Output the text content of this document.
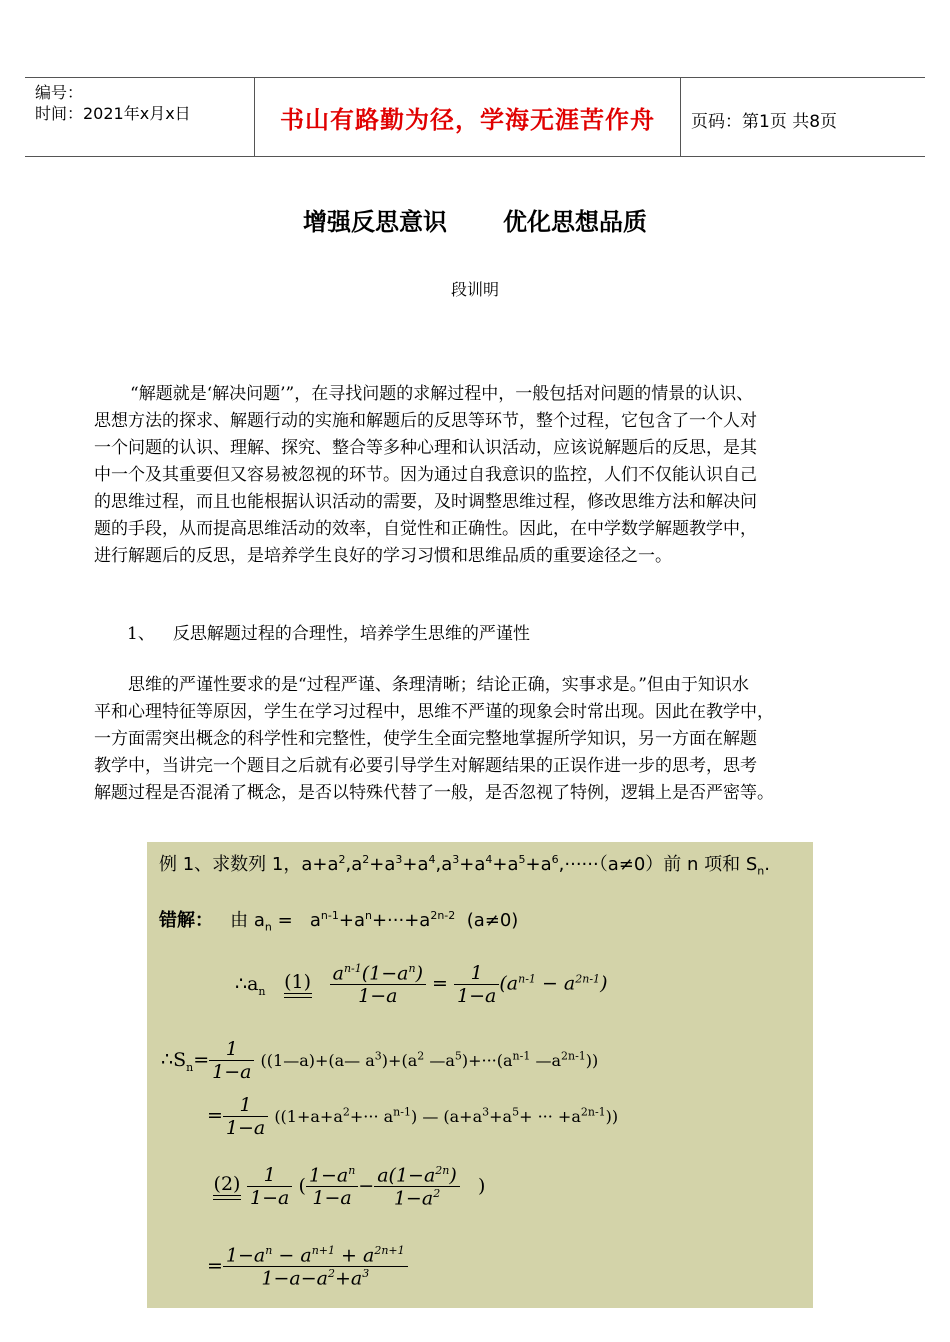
编号：
时间：2021年x月x日	书山有路勤为径，学海无涯苦作舟	页码：第1页 共8页
增强反思意识 优化思想品质
段训明

“解题就是‘解决问题’”，在寻找问题的求解过程中，一般包括对问题的情景的认识、
思想方法的探求、解题行动的实施和解题后的反思等环节，整个过程，它包含了一个人对
一个问题的认识、理解、探究、整合等多种心理和认识活动，应该说解题后的反思，是其
中一个及其重要但又容易被忽视的环节。因为通过自我意识的监控，人们不仅能认识自己
的思维过程，而且也能根据认识活动的需要，及时调整思维过程，修改思维方法和解决问
题的手段，从而提高思维活动的效率，自觉性和正确性。因此，在中学数学解题教学中，
进行解题后的反思，是培养学生良好的学习习惯和思维品质的重要途径之一。

1、 反思解题过程的合理性，培养学生思维的严谨性

思维的严谨性要求的是“过程严谨、条理清晰；结论正确，实事求是。”但由于知识水
平和心理特征等原因，学生在学习过程中，思维不严谨的现象会时常出现。因此在教学中，
一方面需突出概念的科学性和完整性，使学生全面完整地掌握所学知识，另一方面在解题
教学中，当讲完一个题目之后就有必要引导学生对解题结果的正误作进一步的思考，思考
解题过程是否混淆了概念，是否以特殊代替了一般，是否忽视了特例，逻辑上是否严密等。

例 1、求数列 1，$a+a^2,a^2+a^3+a^4,a^3+a^4+a^5+a^6,\cdot\cdot\cdot\cdot\cdot\cdot(a\ne 0)$前 n 项和 $S_n$.
错解：   由 $a_n = a^{n-1}+a^n+\cdot\cdot\cdot+a^{2n-2}$  (a≠0)
$\therefore a_n$ (1)

$\frac{a^{n-1}(1-a^n)}{1-a} = \frac{1}{1-a} (a^{n-1} - a^{2n-1})$
$\therefore S_n= \frac{1}{1-a}$ ((1—a)+(a— $a^3)+(a^2$ $—a^5)+\cdot\cdot\cdot(a^{n-1}$ $—a^{2n-1}$))
= $\frac{1}{1-a} ((1+a+a^2+\cdot\cdot\cdot a^{n-1})$ — ($a+a^3+a^5+$ ··· $+a^{2n-1}$))
(2)

$\frac{1}{1-a}$ ( $\frac{1-a^n}{1-a} - \frac{a(1-a^{2n})}{1-a^2}$ )
= $\frac{1-a^n - a^{n+1} + a^{2n+1}}{1-a-a^2+a^3}$
